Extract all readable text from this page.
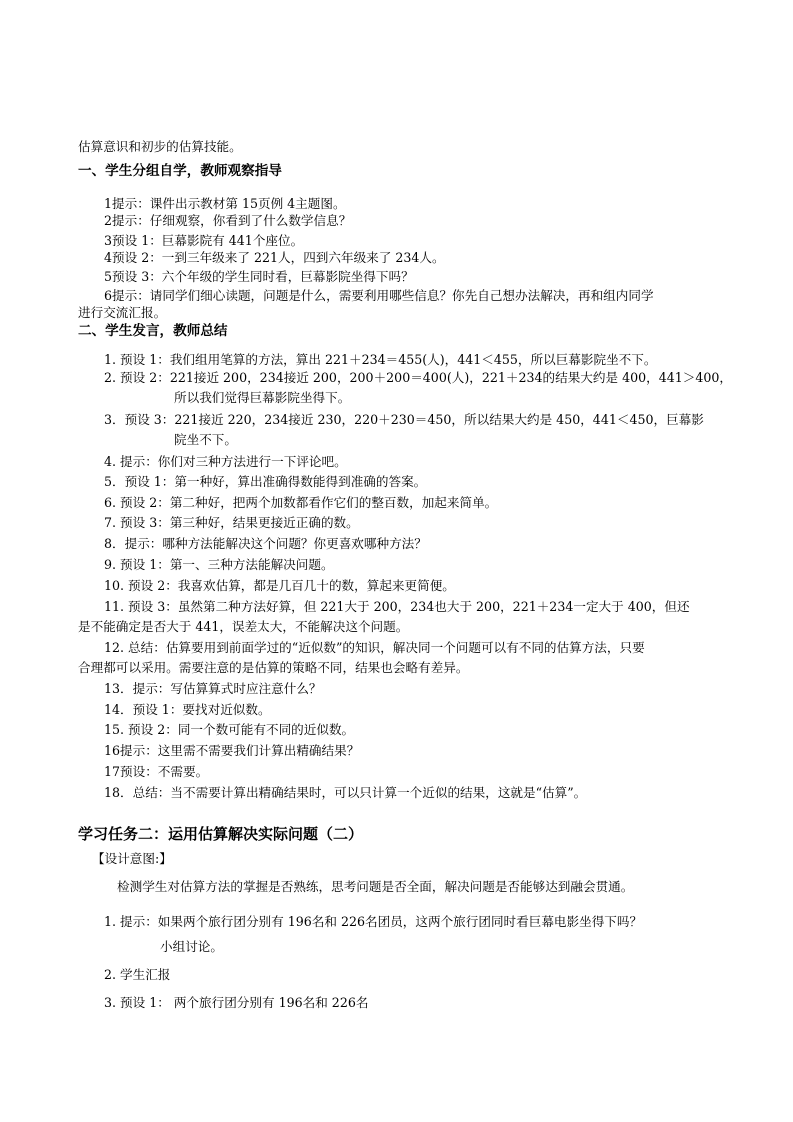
估算意识和初步的估算技能。
一、学生分组自学，教师观察指导
1提示：课件出示教材第 15页例 4主题图。
2提示：仔细观察，你看到了什么数学信息？
3预设 1：巨幕影院有 441个座位。
4预设 2：一到三年级来了 221人，四到六年级来了 234人。
5预设 3：六个年级的学生同时看，巨幕影院坐得下吗？
6提示：请同学们细心读题，问题是什么，需要利用哪些信息？你先自己想办法解决，再和组内同学
进行交流汇报。
二、学生发言，教师总结
1. 预设 1：我们组用笔算的方法，算出 221＋234＝455(人)，441＜455，所以巨幕影院坐不下。
2. 预设 2：221接近 200，234接近 200，200＋200＝400(人)，221＋234的结果大约是 400，441＞400，
所以我们觉得巨幕影院坐得下。
3．预设 3：221接近 220，234接近 230，220＋230＝450，所以结果大约是 450，441＜450，巨幕影
院坐不下。
4. 提示：你们对三种方法进行一下评论吧。
5．预设 1：第一种好，算出准确得数能得到准确的答案。
6. 预设 2：第二种好，把两个加数都看作它们的整百数，加起来简单。
7. 预设 3：第三种好，结果更接近正确的数。
8．提示：哪种方法能解决这个问题？你更喜欢哪种方法？
9. 预设 1：第一、三种方法能解决问题。
10. 预设 2：我喜欢估算，都是几百几十的数，算起来更简便。
11. 预设 3：虽然第二种方法好算，但 221大于 200，234也大于 200，221＋234一定大于 400，但还
是不能确定是否大于 441，误差太大，不能解决这个问题。
12. 总结：估算要用到前面学过的“近似数”的知识，解决同一个问题可以有不同的估算方法，只要
合理都可以采用。需要注意的是估算的策略不同，结果也会略有差异。
13．提示：写估算算式时应注意什么？
14．预设 1：要找对近似数。
15. 预设 2：同一个数可能有不同的近似数。
16提示：这里需不需要我们计算出精确结果？
17预设：不需要。
18．总结：当不需要计算出精确结果时，可以只计算一个近似的结果，这就是“估算”。
学习任务二：运用估算解决实际问题（二）
【设计意图:】
检测学生对估算方法的掌握是否熟练，思考问题是否全面，解决问题是否能够达到融会贯通。
1. 提示：如果两个旅行团分别有 196名和 226名团员，这两个旅行团同时看巨幕电影坐得下吗？
小组讨论。
2. 学生汇报
3. 预设 1： 两个旅行团分别有 196名和 226名
